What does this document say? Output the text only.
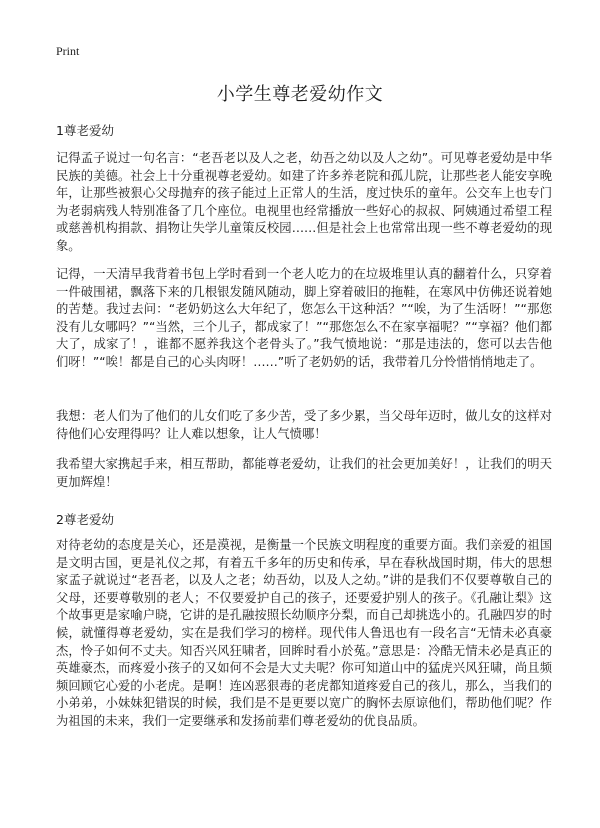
Print
小学生尊老爱幼作文
1尊老爱幼

记得孟子说过一句名言：“老吾老以及人之老，幼吾之幼以及人之幼”。可见尊老爱幼是中华民族的美德。社会上十分重视尊老爱幼。如建了许多养老院和孤儿院，让那些老人能安享晚年，让那些被狠心父母抛弃的孩子能过上正常人的生活，度过快乐的童年。公交车上也专门为老弱病残人特别准备了几个座位。电视里也经常播放一些好心的叔叔、阿姨通过希望工程或慈善机构捐款、捐物让失学儿童策反校园……但是社会上也常常出现一些不尊老爱幼的现象。

记得，一天清早我背着书包上学时看到一个老人吃力的在垃圾堆里认真的翻着什么，只穿着一件破围裙，飘落下来的几根银发随风随动，脚上穿着破旧的拖鞋，在寒风中仿佛还说着她的苦楚。我过去问：“老奶奶这么大年纪了，您怎么干这种活？”“唉，为了生活呀！”“那您没有儿女哪吗？”“当然，三个儿子，都成家了！”“那您怎么不在家享福呢？”“享福？他们都大了，成家了！，谁都不愿养我这个老骨头了。”我气愤地说：“那是违法的，您可以去告他们呀！”“唉！都是自己的心头肉呀！……”听了老奶奶的话，我带着几分怜惜悄悄地走了。

我想：老人们为了他们的儿女们吃了多少苦，受了多少累，当父母年迈时，做儿女的这样对待他们心安理得吗？让人难以想象，让人气愤哪！

我希望大家携起手来，相互帮助，都能尊老爱幼，让我们的社会更加美好！，让我们的明天更加辉煌！

2尊老爱幼

对待老幼的态度是关心，还是漠视，是衡量一个民族文明程度的重要方面。我们亲爱的祖国是文明古国，更是礼仪之邦，有着五千多年的历史和传承，早在春秋战国时期，伟大的思想家孟子就说过“老吾老，以及人之老；幼吾幼，以及人之幼。”讲的是我们不仅要尊敬自己的父母，还要尊敬别的老人；不仅要爱护自己的孩子，还要爱护别人的孩子。《孔融让梨》这个故事更是家喻户晓，它讲的是孔融按照长幼顺序分梨，而自己却挑选小的。孔融四岁的时候，就懂得尊老爱幼，实在是我们学习的榜样。现代伟人鲁迅也有一段名言“无情未必真豪杰，怜子如何不丈夫。知否兴风狂啸者，回眸时看小於菟。”意思是：冷酷无情未必是真正的英雄豪杰，而疼爱小孩子的又如何不会是大丈夫呢？你可知道山中的猛虎兴风狂啸，尚且频频回顾它心爱的小老虎。是啊！连凶恶狠毒的老虎都知道疼爱自己的孩儿，那么，当我们的小弟弟，小妹妹犯错误的时候，我们是不是更要以宽广的胸怀去原谅他们，帮助他们呢？作为祖国的未来，我们一定要继承和发扬前辈们尊老爱幼的优良品质。
